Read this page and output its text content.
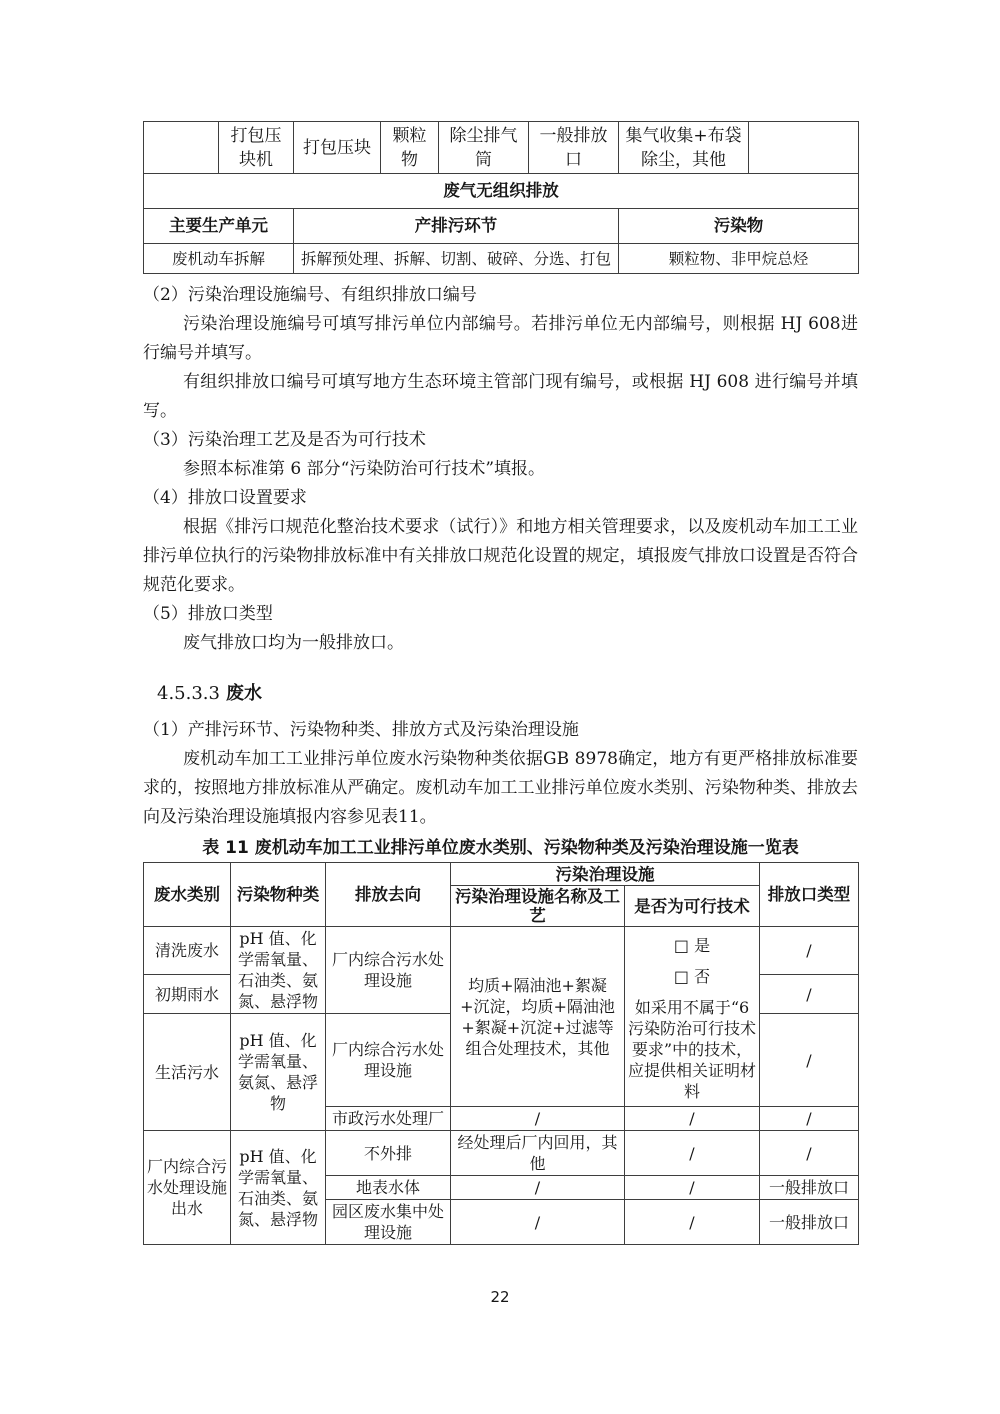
	打包压块机	打包压块	颗粒物	除尘排气筒	一般排放口	集气收集+布袋除尘，其他	
废气无组织排放							
主要生产单元		产排污环节				污染物	
废机动车拆解		拆解预处理、拆解、切割、破碎、分选、打包				颗粒物、非甲烷总烃	

（2）污染治理设施编号、有组织排放口编号

污染治理设施编号可填写排污单位内部编号。若排污单位无内部编号，则根据 HJ 608进行编号并填写。

有组织排放口编号可填写地方生态环境主管部门现有编号，或根据 HJ 608 进行编号并填写。

（3）污染治理工艺及是否为可行技术

参照本标准第 6 部分“污染防治可行技术”填报。

（4）排放口设置要求

根据《排污口规范化整治技术要求（试行）》和地方相关管理要求，以及废机动车加工工业排污单位执行的污染物排放标准中有关排放口规范化设置的规定，填报废气排放口设置是否符合规范化要求。

（5）排放口类型

废气排放口均为一般排放口。

4.5.3.3 废水

（1）产排污环节、污染物种类、排放方式及污染治理设施

废机动车加工工业排污单位废水污染物种类依据GB 8978确定，地方有更严格排放标准要求的，按照地方排放标准从严确定。废机动车加工工业排污单位废水类别、污染物种类、排放去向及污染治理设施填报内容参见表11。

表 11 废机动车加工工业排污单位废水类别、污染物种类及污染治理设施一览表
废水类别	污染物种类	排放去向	污染治理设施		排放口类型
			污染治理设施名称及工艺	是否为可行技术	
清洗废水	pH 值、化学需氧量、石油类、氨氮、悬浮物	厂内综合污水处理设施	均质+隔油池+絮凝+沉淀，均质+隔油池+絮凝+沉淀+过滤等组合处理技术，其他	□ 是
□ 否
如采用不属于“6污染防治可行技术要求”中的技术，应提供相关证明材料	/
初期雨水					/
生活污水	pH 值、化学需氧量、氨氮、悬浮物	厂内综合污水处理设施			/
		市政污水处理厂	/	/	/
厂内综合污水处理设施出水	pH 值、化学需氧量、石油类、氨氮、悬浮物	不外排	经处理后厂内回用，其他	/	/
		地表水体	/	/	一般排放口
		园区废水集中处理设施	/	/	一般排放口
22
